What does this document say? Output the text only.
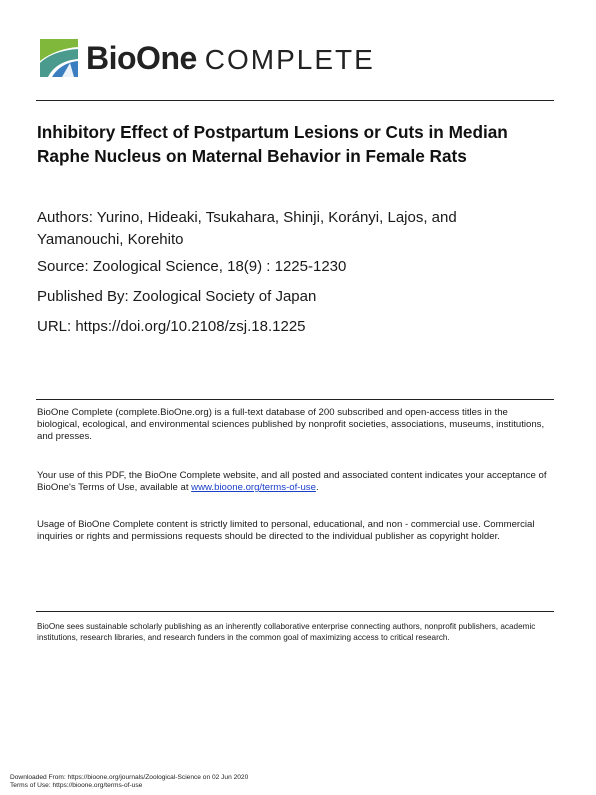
BioOne COMPLETE
Inhibitory Effect of Postpartum Lesions or Cuts in Median Raphe Nucleus on Maternal Behavior in Female Rats

Authors: Yurino, Hideaki, Tsukahara, Shinji, Korányi, Lajos, and Yamanouchi, Korehito

Source: Zoological Science, 18(9) : 1225-1230

Published By: Zoological Society of Japan

URL: https://doi.org/10.2108/zsj.18.1225

BioOne Complete (complete.BioOne.org) is a full-text database of 200 subscribed and open-access titles in the biological, ecological, and environmental sciences published by nonprofit societies, associations, museums, institutions, and presses.

Your use of this PDF, the BioOne Complete website, and all posted and associated content indicates your acceptance of BioOne's Terms of Use, available at www.bioone.org/terms-of-use.

Usage of BioOne Complete content is strictly limited to personal, educational, and non - commercial use. Commercial inquiries or rights and permissions requests should be directed to the individual publisher as copyright holder.

BioOne sees sustainable scholarly publishing as an inherently collaborative enterprise connecting authors, nonprofit publishers, academic institutions, research libraries, and research funders in the common goal of maximizing access to critical research.

Downloaded From: https://bioone.org/journals/Zoological-Science on 02 Jun 2020

Terms of Use: https://bioone.org/terms-of-use
